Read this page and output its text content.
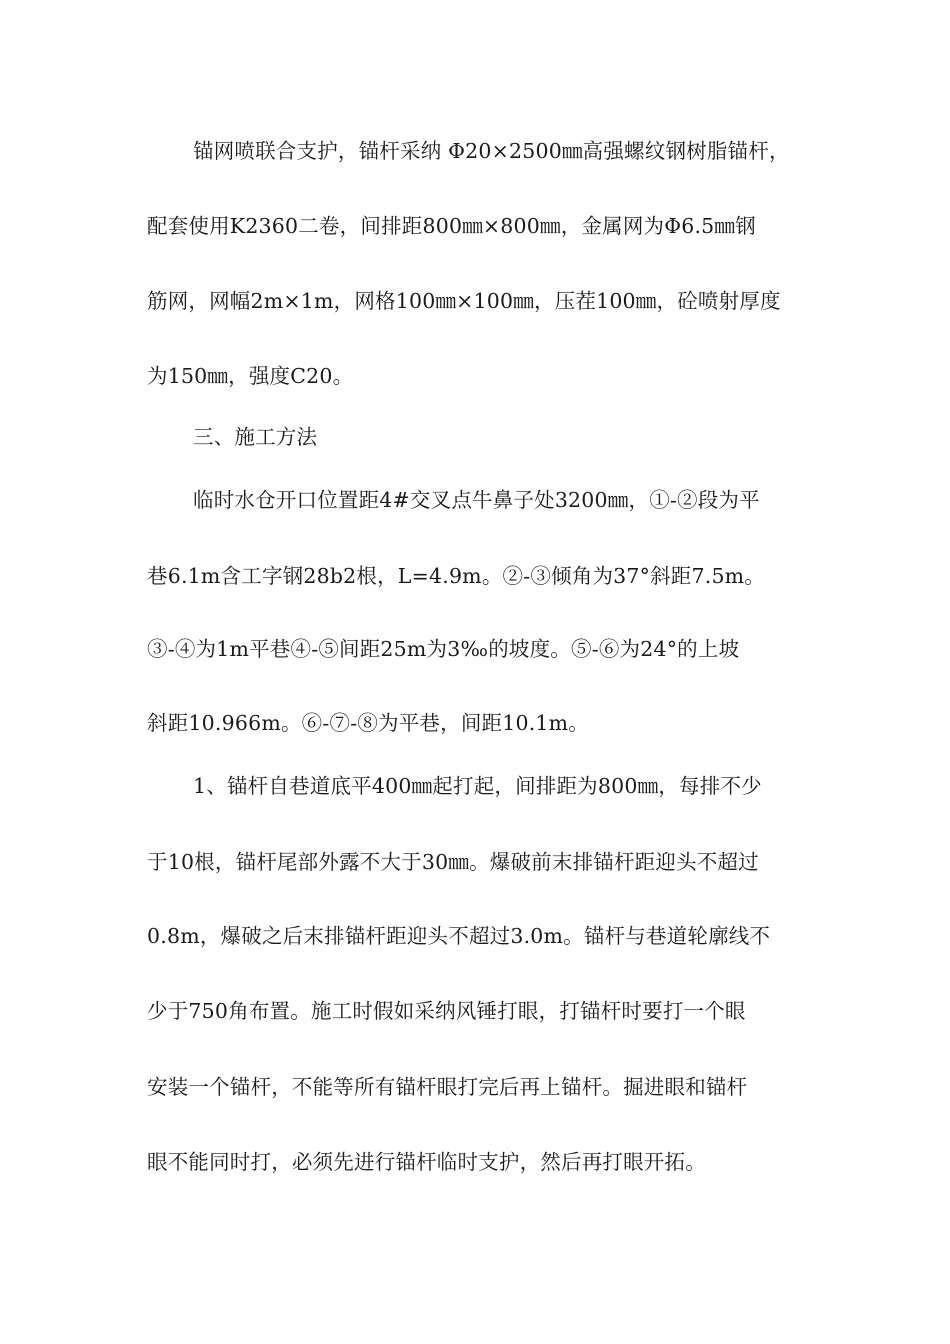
锚网喷联合支护，锚杆采纳 Φ20×2500㎜高强螺纹钢树脂锚杆，
配套使用K2360二卷，间排距800㎜×800㎜，金属网为Φ6.5㎜钢
筋网，网幅2m×1m，网格100㎜×100㎜，压茬100㎜，砼喷射厚度
为150㎜，强度C20。
三、施工方法
临时水仓开口位置距4#交叉点牛鼻子处3200㎜，①-②段为平
巷6.1m含工字钢28b2根，L=4.9m。②-③倾角为37°斜距7.5m。
③-④为1m平巷④-⑤间距25m为3‰的坡度。⑤-⑥为24°的上坡
斜距10.966m。⑥-⑦-⑧为平巷，间距10.1m。
1、锚杆自巷道底平400㎜起打起，间排距为800㎜，每排不少
于10根，锚杆尾部外露不大于30㎜。爆破前末排锚杆距迎头不超过
0.8m，爆破之后末排锚杆距迎头不超过3.0m。锚杆与巷道轮廓线不
少于750角布置。施工时假如采纳风锤打眼，打锚杆时要打一个眼
安装一个锚杆，不能等所有锚杆眼打完后再上锚杆。掘进眼和锚杆
眼不能同时打，必须先进行锚杆临时支护，然后再打眼开拓。
